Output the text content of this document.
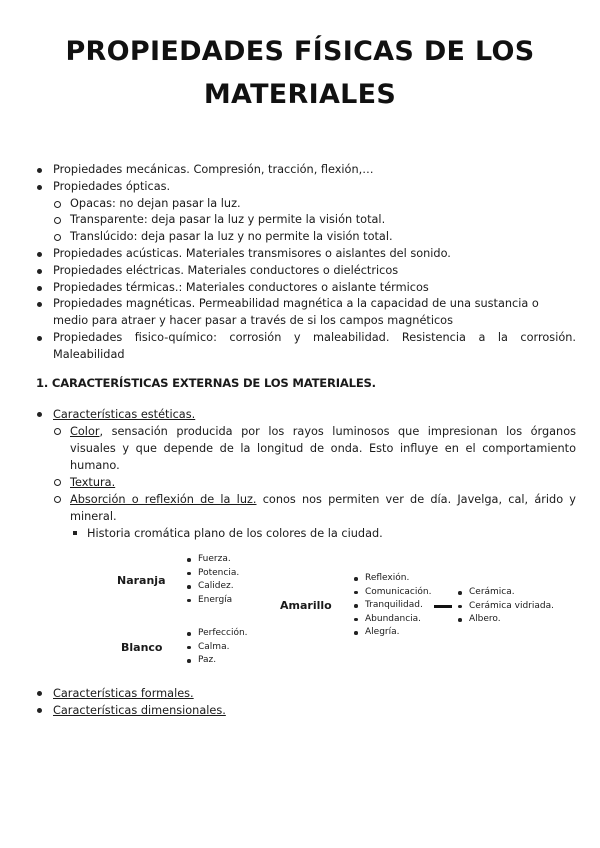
PROPIEDADES FÍSICAS DE LOS MATERIALES
Propiedades mecánicas. Compresión, tracción, flexión,…
Propiedades ópticas.
Opacas: no dejan pasar la luz.
Transparente: deja pasar la luz y permite la visión total.
Translúcido: deja pasar la luz y no permite la visión total.
Propiedades acústicas. Materiales transmisores o aislantes del sonido.
Propiedades eléctricas. Materiales conductores o dieléctricos
Propiedades térmicas.: Materiales conductores o aislante térmicos
Propiedades magnéticas. Permeabilidad magnética a la capacidad de una sustancia o medio para atraer y hacer pasar a través de si los campos magnéticos
Propiedades fisico-químico: corrosión y maleabilidad. Resistencia a la corrosión. Maleabilidad
1. CARACTERÍSTICAS EXTERNAS DE LOS MATERIALES.
Características estéticas.
Color, sensación producida por los rayos luminosos que impresionan los órganos visuales y que depende de la longitud de onda. Esto influye en el comportamiento humano.
Textura.
Absorción o reflexión de la luz. conos nos permiten ver de día. Javelga, cal, árido y mineral.
Historia cromática plano de los colores de la ciudad.
Naranja
Fuerza.
Potencia.
Calidez.
Energía
Blanco
Perfección.
Calma.
Paz.
Amarillo
Reflexión.
Comunicación.
Tranquilidad.
Abundancia.
Alegría.
Cerámica.
Cerámica vidriada.
Albero.
Características formales.
Características dimensionales.
